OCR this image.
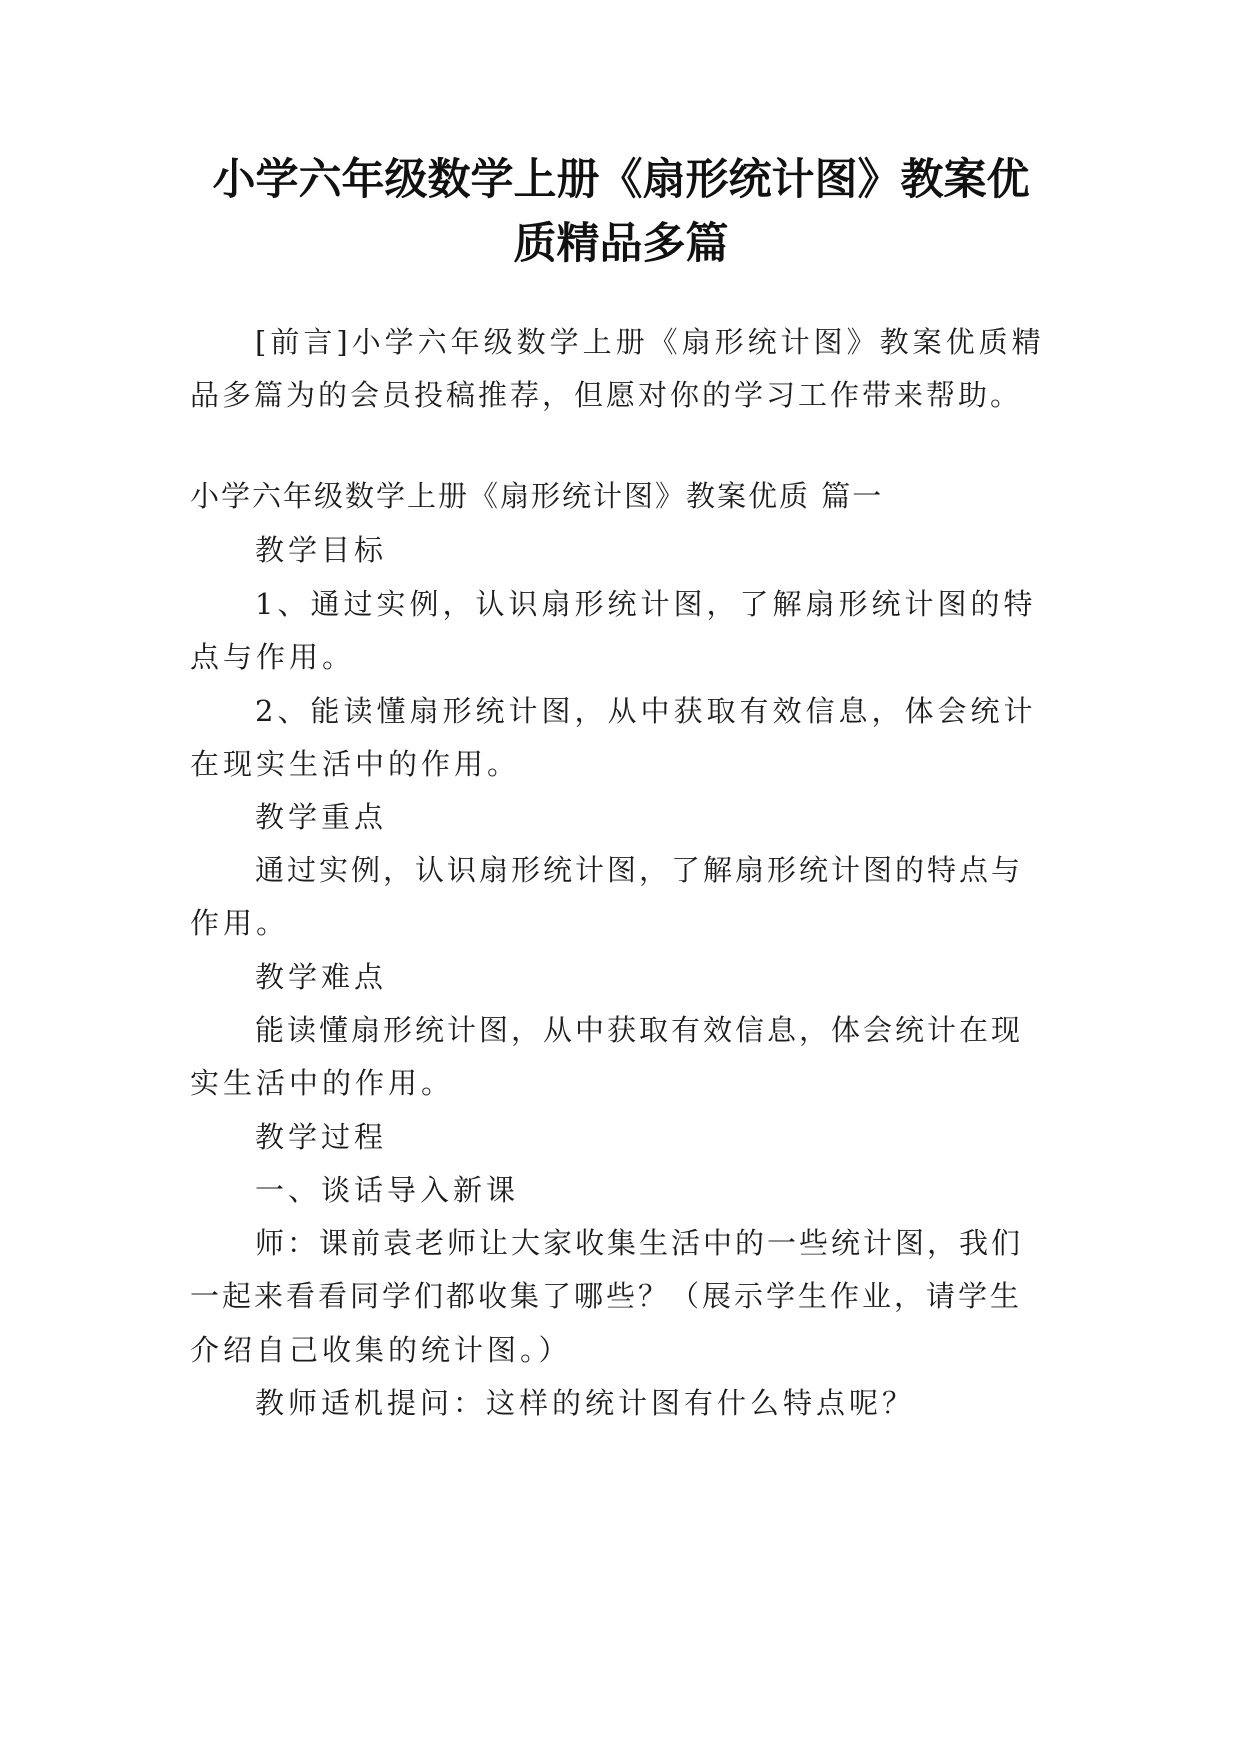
小学六年级数学上册《扇形统计图》教案优
质精品多篇

[前言]小学六年级数学上册《扇形统计图》教案优质精

品多篇为的会员投稿推荐，但愿对你的学习工作带来帮助。

小学六年级数学上册《扇形统计图》教案优质 篇一

教学目标

1、通过实例，认识扇形统计图，了解扇形统计图的特

点与作用。

2、能读懂扇形统计图，从中获取有效信息，体会统计

在现实生活中的作用。

教学重点

通过实例，认识扇形统计图，了解扇形统计图的特点与

作用。

教学难点

能读懂扇形统计图，从中获取有效信息，体会统计在现

实生活中的作用。

教学过程

一、谈话导入新课

师：课前袁老师让大家收集生活中的一些统计图，我们

一起来看看同学们都收集了哪些？（展示学生作业，请学生

介绍自己收集的统计图。）

教师适机提问：这样的统计图有什么特点呢？
